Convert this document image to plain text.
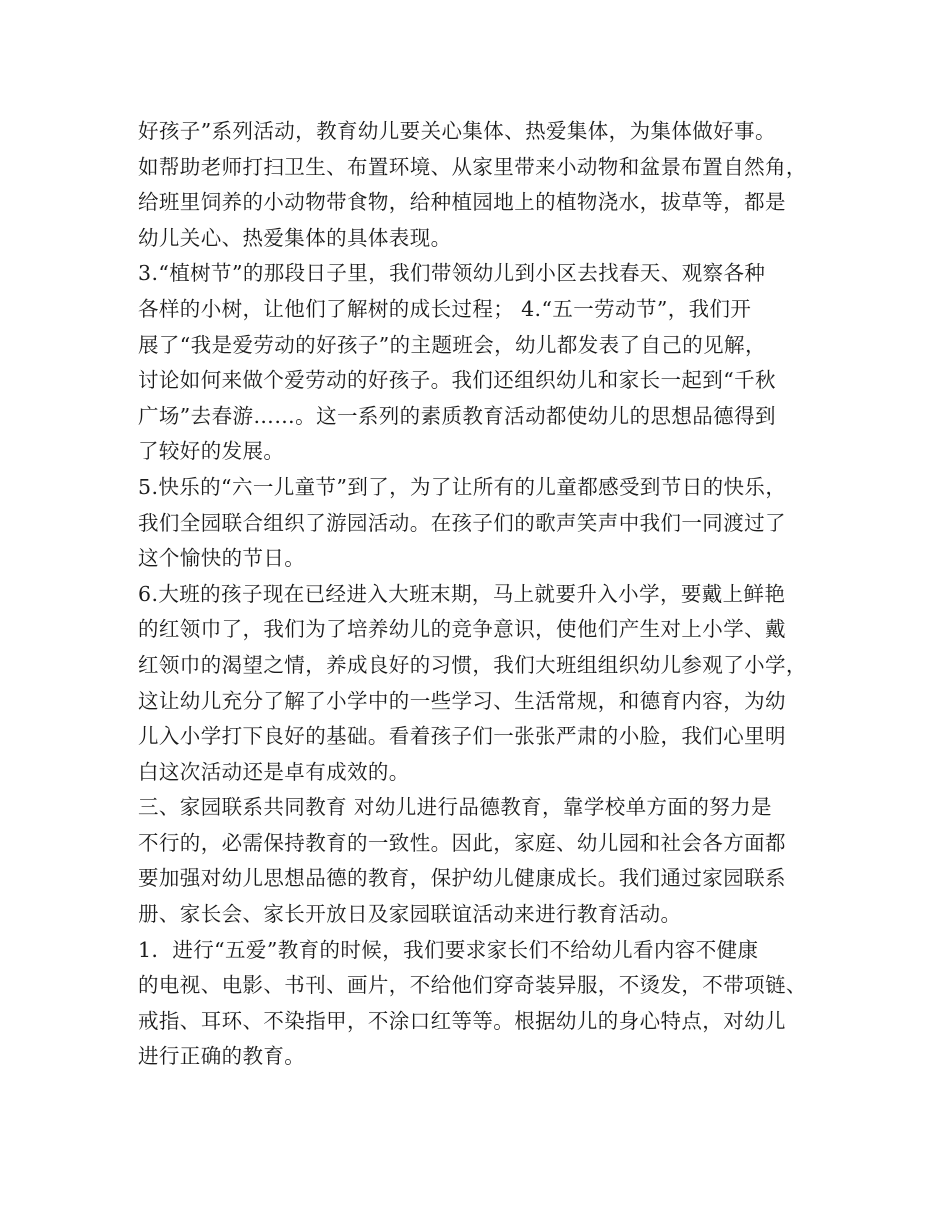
好孩子”系列活动，教育幼儿要关心集体、热爱集体，为集体做好事。
如帮助老师打扫卫生、布置环境、从家里带来小动物和盆景布置自然角，
给班里饲养的小动物带食物，给种植园地上的植物浇水，拔草等，都是
幼儿关心、热爱集体的具体表现。
3.“植树节”的那段日子里，我们带领幼儿到小区去找春天、观察各种
各样的小树，让他们了解树的成长过程； 4.“五一劳动节”，我们开
展了“我是爱劳动的好孩子”的主题班会，幼儿都发表了自己的见解，
讨论如何来做个爱劳动的好孩子。我们还组织幼儿和家长一起到“千秋
广场”去春游……。这一系列的素质教育活动都使幼儿的思想品德得到
了较好的发展。
5.快乐的“六一儿童节”到了，为了让所有的儿童都感受到节日的快乐，
我们全园联合组织了游园活动。在孩子们的歌声笑声中我们一同渡过了
这个愉快的节日。
6.大班的孩子现在已经进入大班末期，马上就要升入小学，要戴上鲜艳
的红领巾了，我们为了培养幼儿的竞争意识，使他们产生对上小学、戴
红领巾的渴望之情，养成良好的习惯，我们大班组组织幼儿参观了小学，
这让幼儿充分了解了小学中的一些学习、生活常规，和德育内容，为幼
儿入小学打下良好的基础。看着孩子们一张张严肃的小脸，我们心里明
白这次活动还是卓有成效的。
三、家园联系共同教育 对幼儿进行品德教育，靠学校单方面的努力是
不行的，必需保持教育的一致性。因此，家庭、幼儿园和社会各方面都
要加强对幼儿思想品德的教育，保护幼儿健康成长。我们通过家园联系
册、家长会、家长开放日及家园联谊活动来进行教育活动。
1．进行“五爱”教育的时候，我们要求家长们不给幼儿看内容不健康
的电视、电影、书刊、画片，不给他们穿奇装异服，不烫发，不带项链、
戒指、耳环、不染指甲，不涂口红等等。根据幼儿的身心特点，对幼儿
进行正确的教育。
